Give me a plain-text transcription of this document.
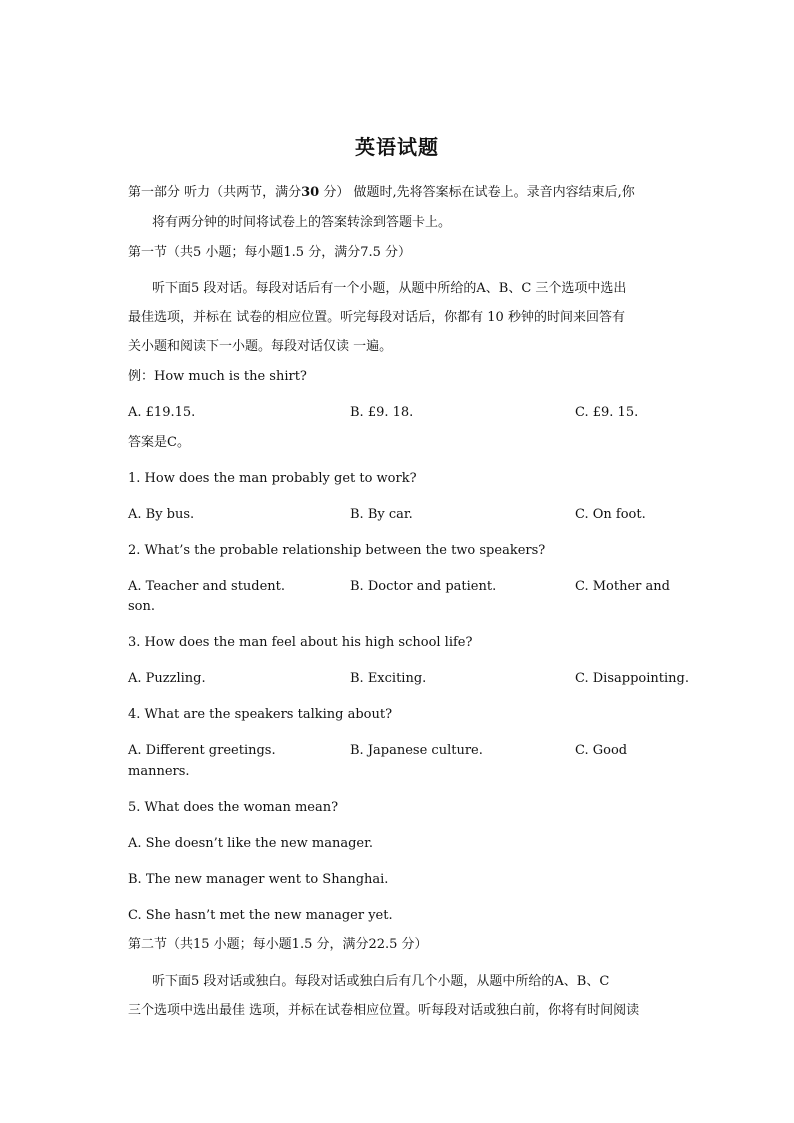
英语试题
第一部分 听力（共两节，满分30 分） 做题时,先将答案标在试卷上。录音内容结束后,你
将有两分钟的时间将试卷上的答案转涂到答题卡上。
第一节（共5 小题；每小题1.5 分，满分7.5 分）
听下面5 段对话。每段对话后有一个小题，从题中所给的A、B、C 三个选项中选出
最佳选项，并标在 试卷的相应位置。听完每段对话后，你都有 10 秒钟的时间来回答有
关小题和阅读下一小题。每段对话仅读 一遍。
例：How much is the shirt?
A. £19.15.	B. £9. 18.	C. £9. 15.
答案是C。
1. How does the man probably get to work?
A. By bus.	B. By car.	C. On foot.
2. What’s the probable relationship between the two speakers?
A. Teacher and student.	B. Doctor and patient.	C. Mother and
son.
3. How does the man feel about his high school life?
A. Puzzling.	B. Exciting.	C. Disappointing.
4. What are the speakers talking about?
A. Different greetings.	B. Japanese culture.	C. Good
manners.
5. What does the woman mean?
A. She doesn’t like the new manager.
B. The new manager went to Shanghai.
C. She hasn’t met the new manager yet.
第二节（共15 小题；每小题1.5 分，满分22.5 分）
听下面5 段对话或独白。每段对话或独白后有几个小题，从题中所给的A、B、C
三个选项中选出最佳 选项，并标在试卷相应位置。听每段对话或独白前，你将有时间阅读
